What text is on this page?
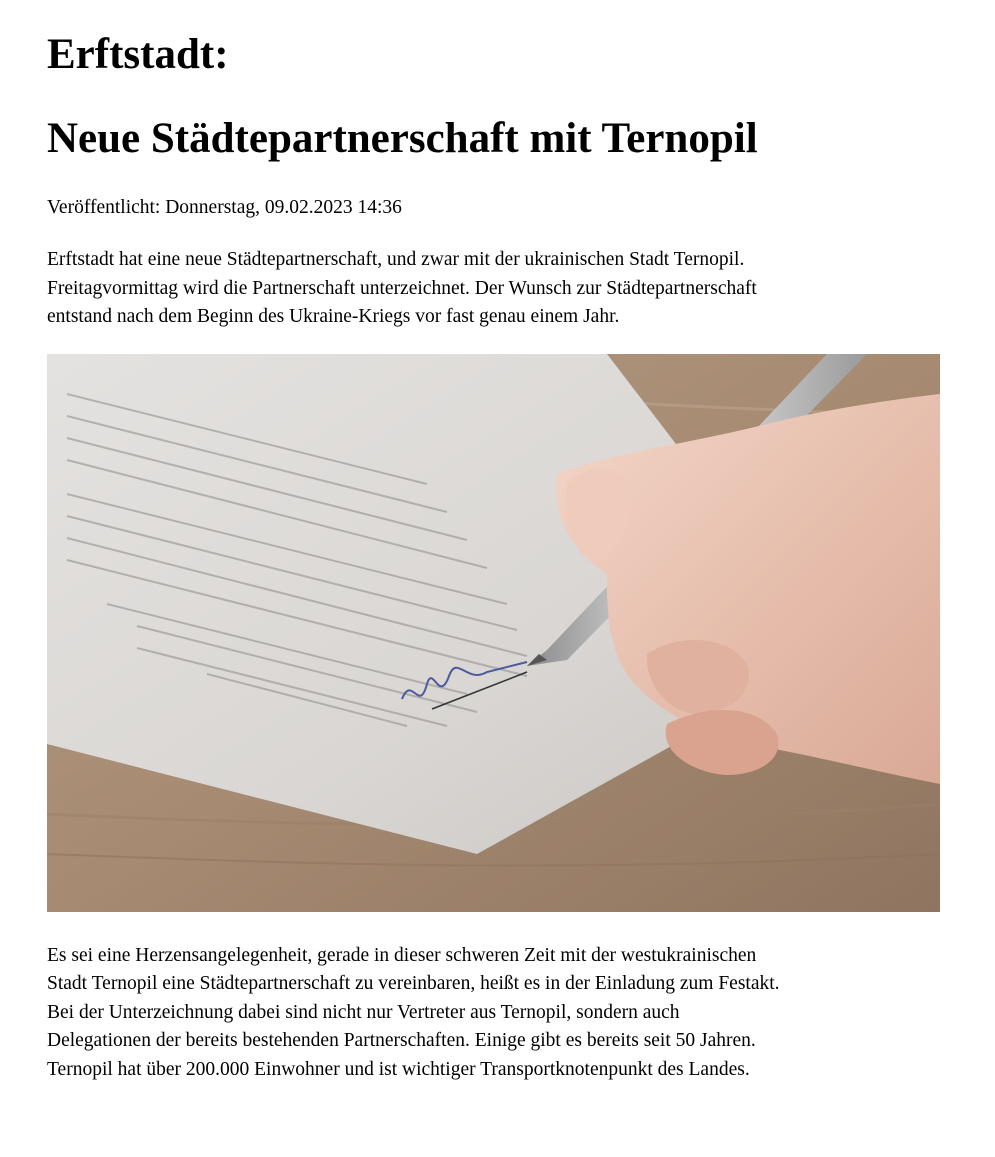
Erftstadt:
Neue Städtepartnerschaft mit Ternopil
Veröffentlicht: Donnerstag, 09.02.2023 14:36
Erftstadt hat eine neue Städtepartnerschaft, und zwar mit der ukrainischen Stadt Ternopil.
Freitagvormittag wird die Partnerschaft unterzeichnet. Der Wunsch zur Städtepartnerschaft
entstand nach dem Beginn des Ukraine-Kriegs vor fast genau einem Jahr.
Es sei eine Herzensangelegenheit, gerade in dieser schweren Zeit mit der westukrainischen
Stadt Ternopil eine Städtepartnerschaft zu vereinbaren, heißt es in der Einladung zum Festakt.
Bei der Unterzeichnung dabei sind nicht nur Vertreter aus Ternopil, sondern auch
Delegationen der bereits bestehenden Partnerschaften. Einige gibt es bereits seit 50 Jahren.
Ternopil hat über 200.000 Einwohner und ist wichtiger Transportknotenpunkt des Landes.
